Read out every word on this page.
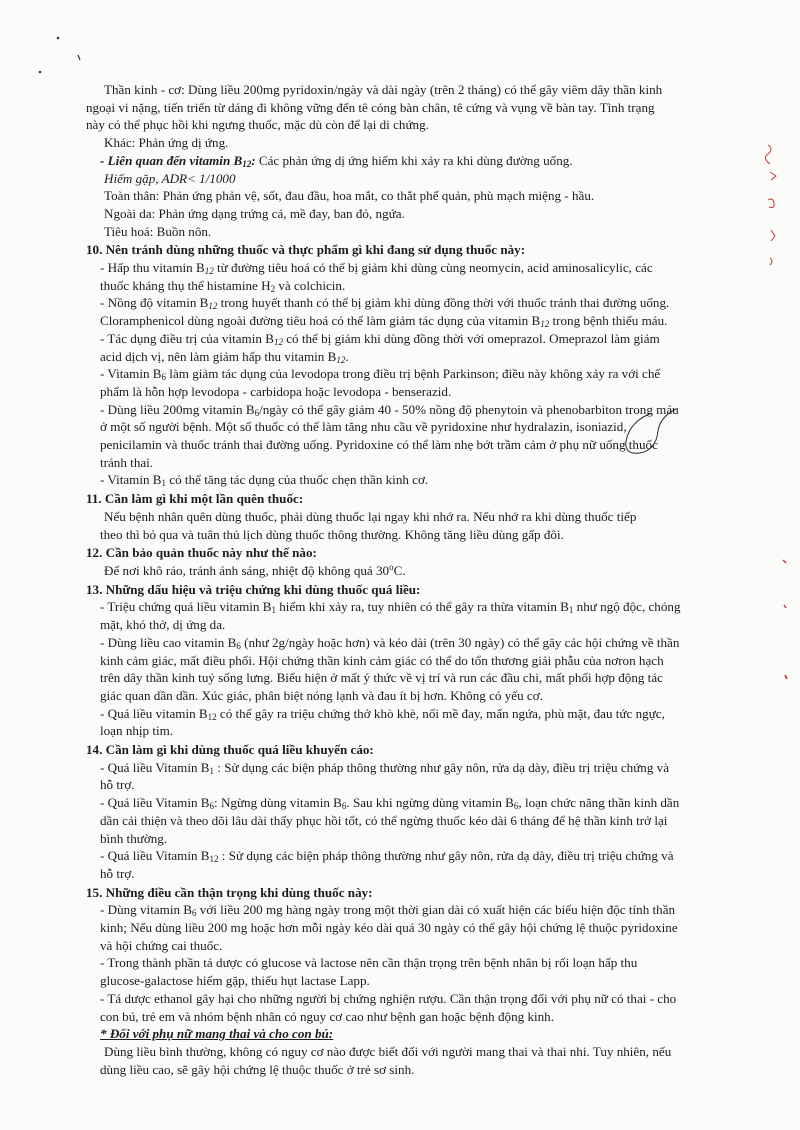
Thần kinh - cơ: Dùng liều 200mg pyridoxin/ngày và dài ngày (trên 2 tháng) có thể gây viêm dây thần kinh

ngoại vi nặng, tiến triển từ dáng đi không vững đến tê cóng bàn chân, tê cứng và vụng về bàn tay. Tình trạng

này có thể phục hồi khi ngưng thuốc, mặc dù còn để lại di chứng.

Khác: Phản ứng dị ứng.

- Liên quan đến vitamin $B_{12}$: Các phản ứng dị ứng hiếm khi xảy ra khi dùng đường uống.

Hiếm gặp, ADR< 1/1000

Toàn thân: Phản ứng phản vệ, sốt, đau đầu, hoa mắt, co thắt phế quản, phù mạch miệng - hầu.

Ngoài da: Phản ứng dạng trứng cá, mề đay, ban đỏ, ngứa.

Tiêu hoá: Buồn nôn.

10. Nên tránh dùng những thuốc và thực phẩm gì khi đang sử dụng thuốc này:

- Hấp thu vitamin $B_{12}$ từ đường tiêu hoá có thể bị giảm khi dùng cùng neomycin, acid aminosalicylic, các

thuốc kháng thụ thể histamine $H_2$ và colchicin.

- Nồng độ vitamin $B_{12}$ trong huyết thanh có thể bị giảm khi dùng đồng thời với thuốc tránh thai đường uống.

Cloramphenicol dùng ngoài đường tiêu hoá có thể làm giảm tác dụng của vitamin $B_{12}$ trong bệnh thiếu máu.

- Tác dụng điều trị của vitamin $B_{12}$ có thể bị giảm khi dùng đồng thời với omeprazol. Omeprazol làm giảm

acid dịch vị, nên làm giảm hấp thu vitamin $B_{12}$.

- Vitamin $B_6$ làm giảm tác dụng của levodopa trong điều trị bệnh Parkinson; điều này không xảy ra với chế

phẩm là hỗn hợp levodopa - carbidopa hoặc levodopa - benserazid.

- Dùng liều 200mg vitamin $B_6$/ngày có thể gây giảm 40 - 50% nồng độ phenytoin và phenobarbiton trong máu

ở một số người bệnh. Một số thuốc có thể làm tăng nhu cầu về pyridoxine như hydralazin, isoniazid,

penicilamin và thuốc tránh thai đường uống. Pyridoxine có thể làm nhẹ bớt trầm cảm ở phụ nữ uống thuốc

tránh thai.

- Vitamin $B_1$ có thể tăng tác dụng của thuốc chẹn thần kinh cơ.

11. Cần làm gì khi một lần quên thuốc:

Nếu bệnh nhân quên dùng thuốc, phải dùng thuốc lại ngay khi nhớ ra. Nếu nhớ ra khi dùng thuốc tiếp

theo thì bỏ qua và tuân thủ lịch dùng thuốc thông thường. Không tăng liều dùng gấp đôi.

12. Cần bảo quản thuốc này như thế nào:

Để nơi khô ráo, tránh ánh sáng, nhiệt độ không quá 30$^o$C.

13. Những dấu hiệu và triệu chứng khi dùng thuốc quá liều:

- Triệu chứng quá liều vitamin $B_1$ hiếm khi xảy ra, tuy nhiên có thể gây ra thừa vitamin $B_1$ như ngộ độc, chóng

mặt, khó thở, dị ứng da.

- Dùng liều cao vitamin $B_6$ (như 2g/ngày hoặc hơn) và kéo dài (trên 30 ngày) có thể gây các hội chứng về thần

kinh cảm giác, mất điều phối. Hội chứng thần kinh cảm giác có thể do tổn thương giải phẫu của nơron hạch

trên dây thần kinh tuỷ sống lưng. Biểu hiện ở mất ý thức về vị trí và run các đầu chi, mất phối hợp động tác

giác quan dần dần. Xúc giác, phân biệt nóng lạnh và đau ít bị hơn. Không có yếu cơ.

- Quá liều vitamin $B_{12}$ có thể gây ra triệu chứng thở khò khè, nổi mề đay, mẩn ngứa, phù mặt, đau tức ngực,

loạn nhịp tim.

14. Cần làm gì khi dùng thuốc quá liều khuyến cáo:

- Quá liều Vitamin $B_1$ : Sử dụng các biện pháp thông thường như gây nôn, rửa dạ dày, điều trị triệu chứng và

hỗ trợ.

- Quá liều Vitamin $B_6$: Ngừng dùng vitamin $B_6$. Sau khi ngừng dùng vitamin $B_6$, loạn chức năng thần kinh dần

dần cải thiện và theo dõi lâu dài thấy phục hồi tốt, có thể ngừng thuốc kéo dài 6 tháng để hệ thần kinh trở lại

bình thường.

- Quá liều Vitamin $B_{12}$ : Sử dụng các biện pháp thông thường như gây nôn, rửa dạ dày, điều trị triệu chứng và

hỗ trợ.

15. Những điều cần thận trọng khi dùng thuốc này:

- Dùng vitamin $B_6$ với liều 200 mg hàng ngày trong một thời gian dài có xuất hiện các biểu hiện độc tính thần

kinh; Nếu dùng liều 200 mg hoặc hơn mỗi ngày kéo dài quá 30 ngày có thể gây hội chứng lệ thuộc pyridoxine

và hội chứng cai thuốc.

- Trong thành phần tá dược có glucose và lactose nên cần thận trọng trên bệnh nhân bị rối loạn hấp thu

glucose-galactose hiếm gặp, thiếu hụt lactase Lapp.

- Tá dược ethanol gây hại cho những người bị chứng nghiện rượu. Cần thận trọng đối với phụ nữ có thai - cho

con bú, trẻ em và nhóm bệnh nhân có nguy cơ cao như bệnh gan hoặc bệnh động kinh.

* Đối với phụ nữ mang thai và cho con bú:

Dùng liều bình thường, không có nguy cơ nào được biết đối với người mang thai và thai nhi. Tuy nhiên, nếu

dùng liều cao, sẽ gây hội chứng lệ thuộc thuốc ở trẻ sơ sinh.
